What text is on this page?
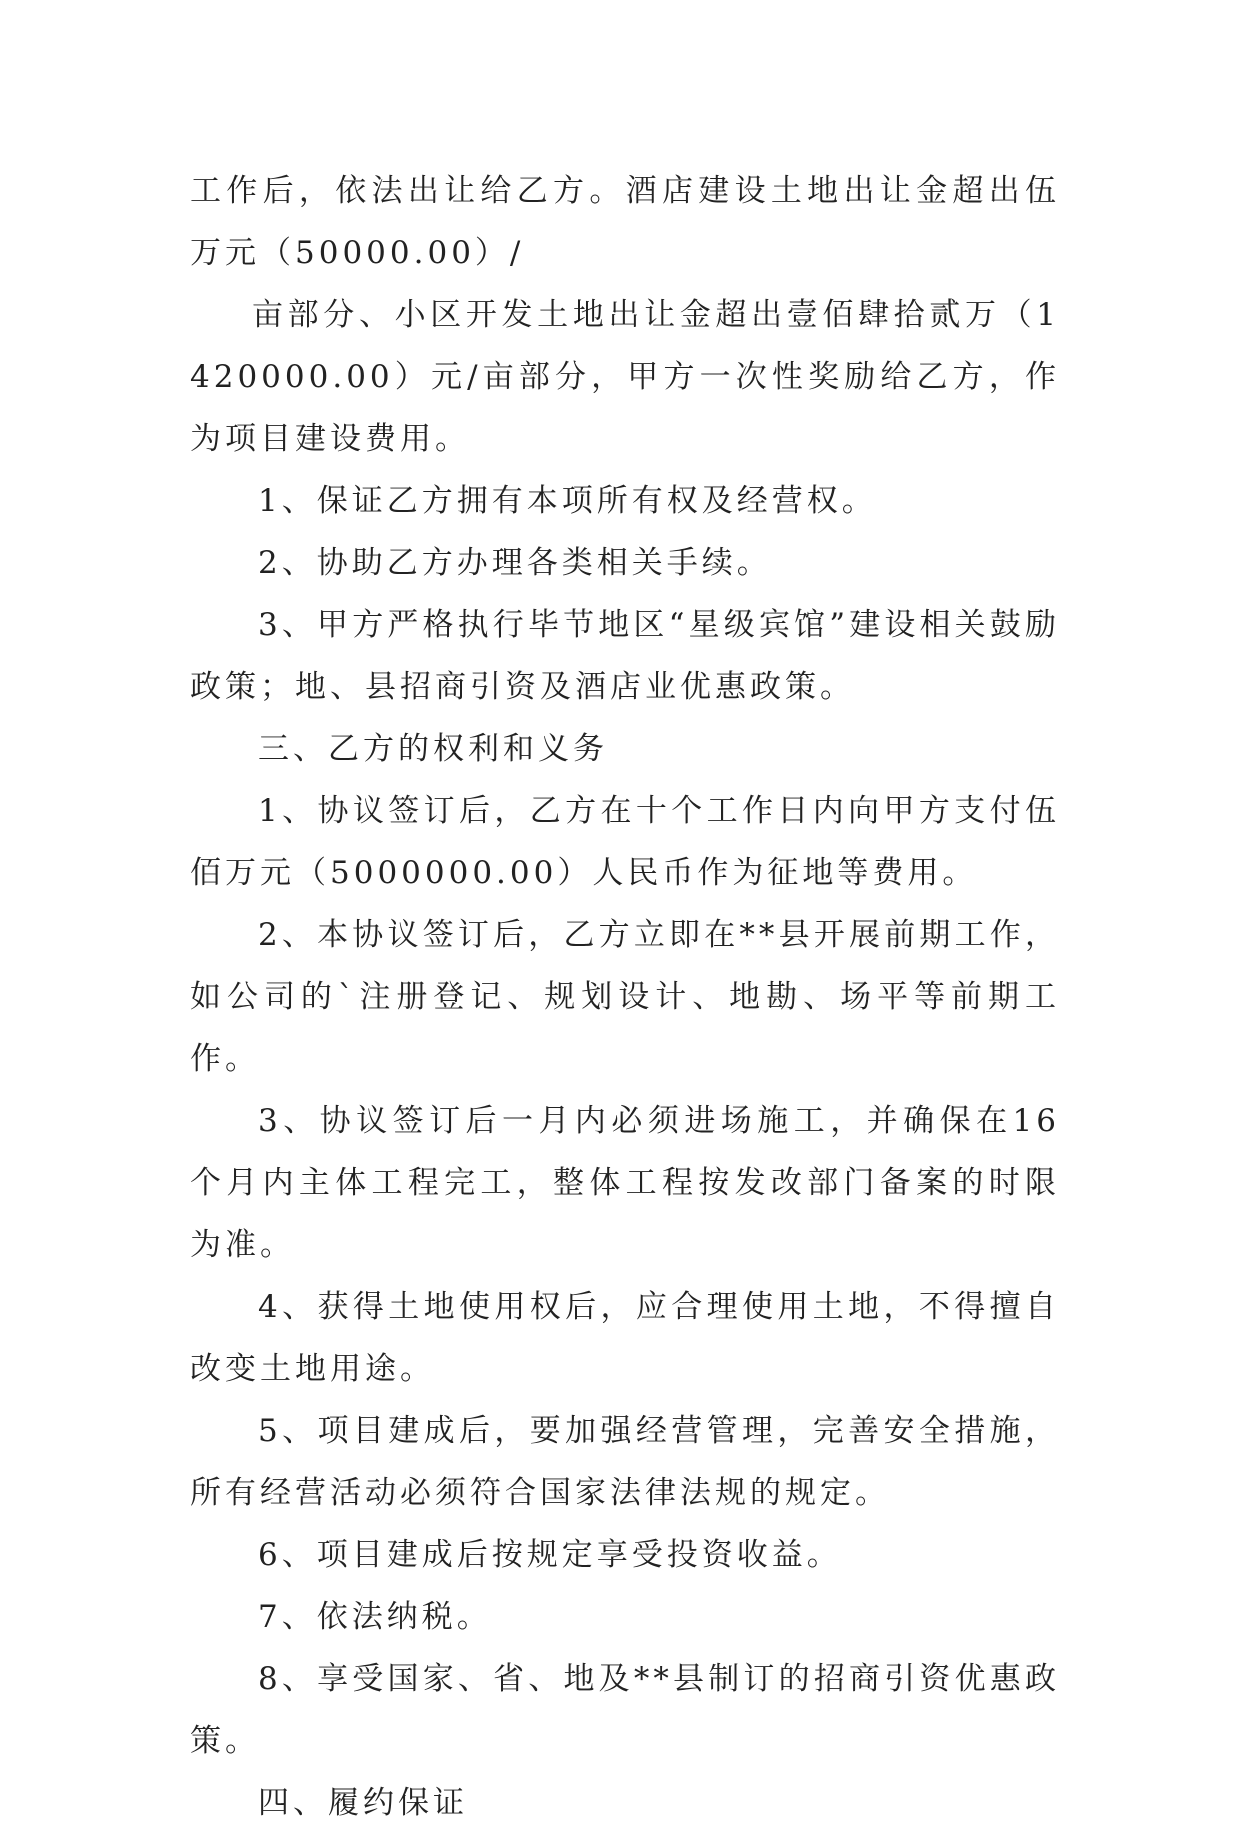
工作后，依法出让给乙方。酒店建设土地出让金超出伍万元（50000.00）/

亩部分、小区开发土地出让金超出壹佰肆拾贰万（1420000.00）元/亩部分，甲方一次性奖励给乙方，作为项目建设费用。

1、保证乙方拥有本项所有权及经营权。

2、协助乙方办理各类相关手续。

3、甲方严格执行毕节地区“星级宾馆”建设相关鼓励政策；地、县招商引资及酒店业优惠政策。

三、乙方的权利和义务

1、协议签订后，乙方在十个工作日内向甲方支付伍佰万元（5000000.00）人民币作为征地等费用。

2、本协议签订后，乙方立即在**县开展前期工作，如公司的`注册登记、规划设计、地勘、场平等前期工作。

3、协议签订后一月内必须进场施工，并确保在16个月内主体工程完工，整体工程按发改部门备案的时限为准。

4、获得土地使用权后，应合理使用土地，不得擅自改变土地用途。

5、项目建成后，要加强经营管理，完善安全措施，所有经营活动必须符合国家法律法规的规定。

6、项目建成后按规定享受投资收益。

7、依法纳税。

8、享受国家、省、地及**县制订的招商引资优惠政策。

四、履约保证
